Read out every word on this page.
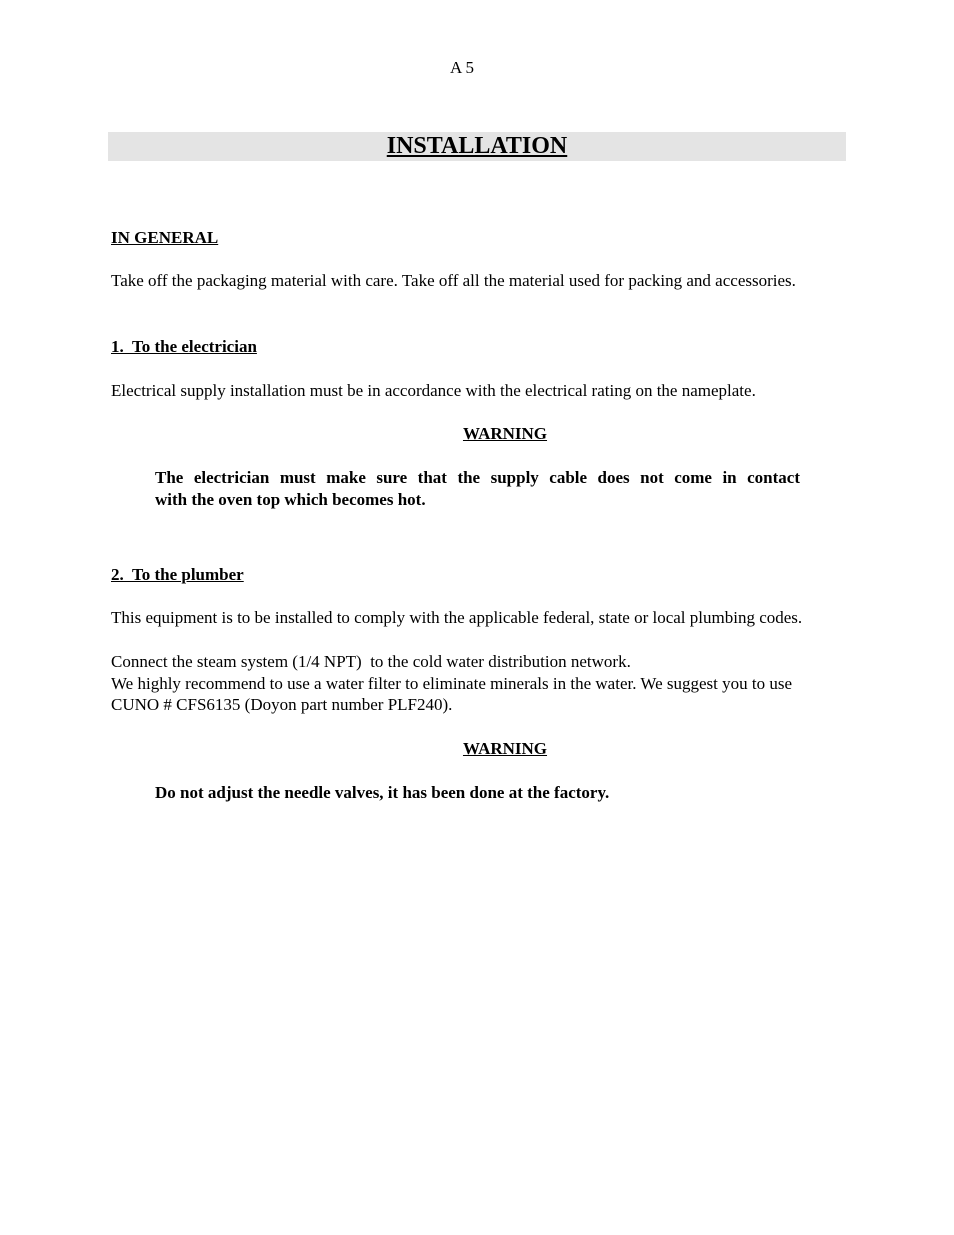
A 5
INSTALLATION
IN GENERAL
Take off the packaging material with care. Take off all the material used for packing and accessories.
1.  To the electrician
Electrical supply installation must be in accordance with the electrical rating on the nameplate.
WARNING
The electrician must make sure that the supply cable does not come in contact
with the oven top which becomes hot.
2.  To the plumber
This equipment is to be installed to comply with the applicable federal, state or local plumbing codes.
Connect the steam system (1/4 NPT)  to the cold water distribution network.
We highly recommend to use a water filter to eliminate minerals in the water. We suggest you to use
CUNO # CFS6135 (Doyon part number PLF240).
WARNING
Do not adjust the needle valves, it has been done at the factory.
